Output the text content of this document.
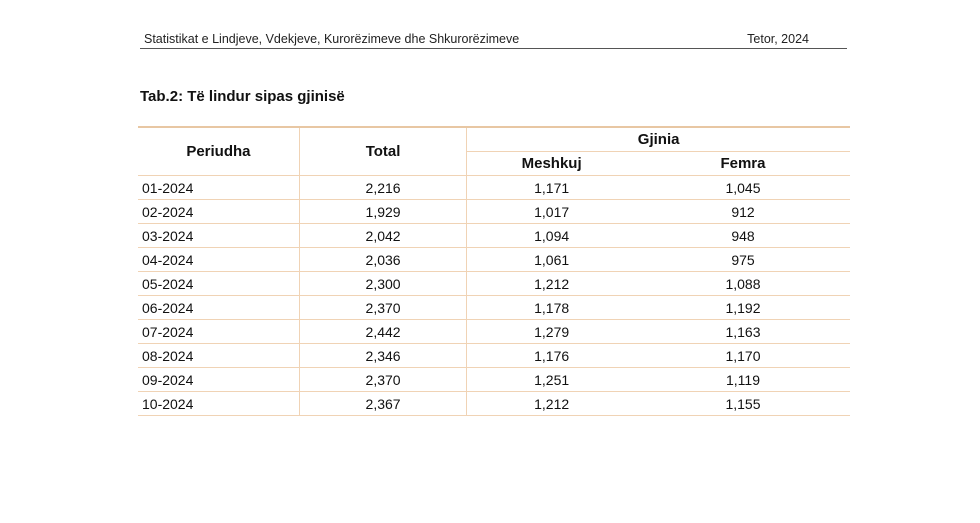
Statistikat e Lindjeve, Vdekjeve, Kurorëzimeve dhe Shkurorëzimeve	Tetor, 2024
Tab.2: Të lindur sipas gjinisë
Periudha	Total	Gjinia	
		Meshkuj	Femra
01-2024	2,216	1,171	1,045
02-2024	1,929	1,017	912
03-2024	2,042	1,094	948
04-2024	2,036	1,061	975
05-2024	2,300	1,212	1,088
06-2024	2,370	1,178	1,192
07-2024	2,442	1,279	1,163
08-2024	2,346	1,176	1,170
09-2024	2,370	1,251	1,119
10-2024	2,367	1,212	1,155
